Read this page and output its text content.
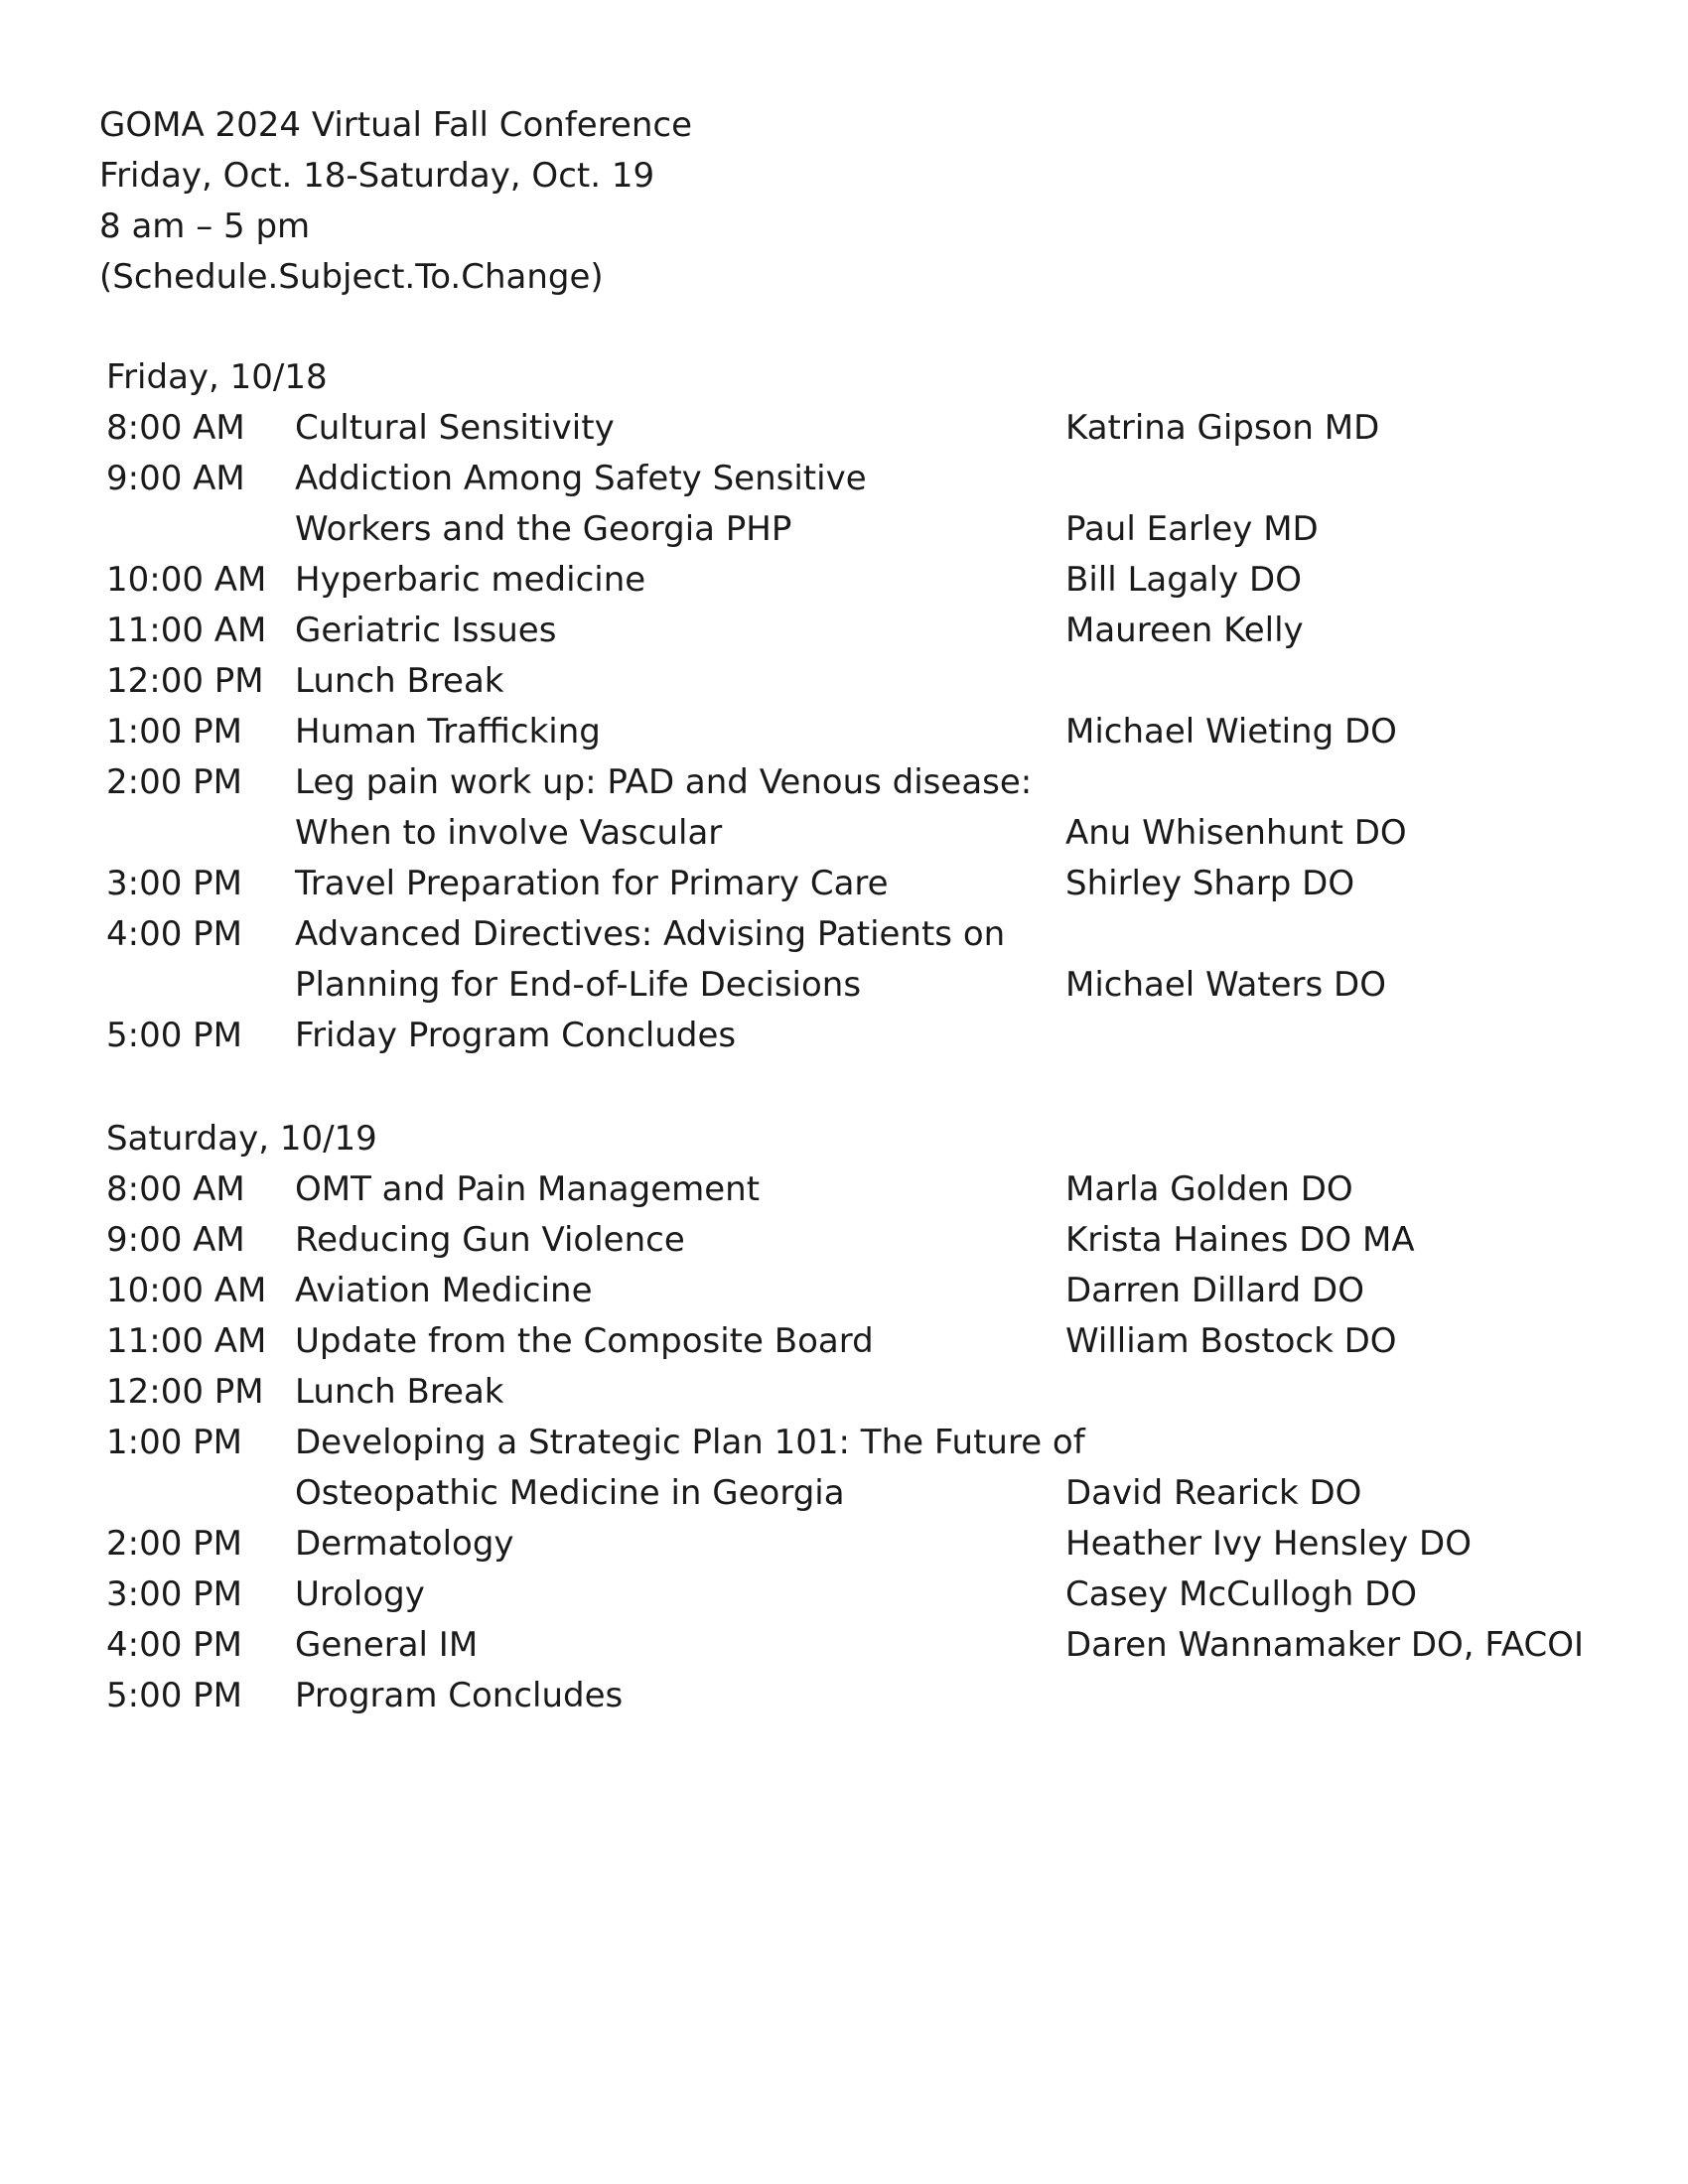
GOMA 2024 Virtual Fall Conference
Friday, Oct. 18-Saturday, Oct. 19
8 am – 5 pm
(Schedule.Subject.To.Change)
Friday, 10/18
8:00 AM Cultural Sensitivity	Katrina Gipson MD
9:00 AM Addiction Among Safety Sensitive
Workers and the Georgia PHP	Paul Earley MD
10:00 AM Hyperbaric medicine	Bill Lagaly DO
11:00 AM Geriatric Issues	Maureen Kelly
12:00 PM Lunch Break
1:00 PM Human Trafficking	Michael Wieting DO
2:00 PM Leg pain work up: PAD and Venous disease:
When to involve Vascular	Anu Whisenhunt DO
3:00 PM Travel Preparation for Primary Care	Shirley Sharp DO
4:00 PM Advanced Directives: Advising Patients on
Planning for End-of-Life Decisions	Michael Waters DO
5:00 PM Friday Program Concludes
Saturday, 10/19
8:00 AM OMT and Pain Management	Marla Golden DO
9:00 AM Reducing Gun Violence	Krista Haines DO MA
10:00 AM Aviation Medicine	Darren Dillard DO
11:00 AM Update from the Composite Board	William Bostock DO
12:00 PM Lunch Break
1:00 PM Developing a Strategic Plan 101: The Future of
Osteopathic Medicine in Georgia	David Rearick DO
2:00 PM Dermatology	Heather Ivy Hensley DO
3:00 PM Urology	Casey McCullogh DO
4:00 PM General IM	Daren Wannamaker DO, FACOI
5:00 PM Program Concludes
